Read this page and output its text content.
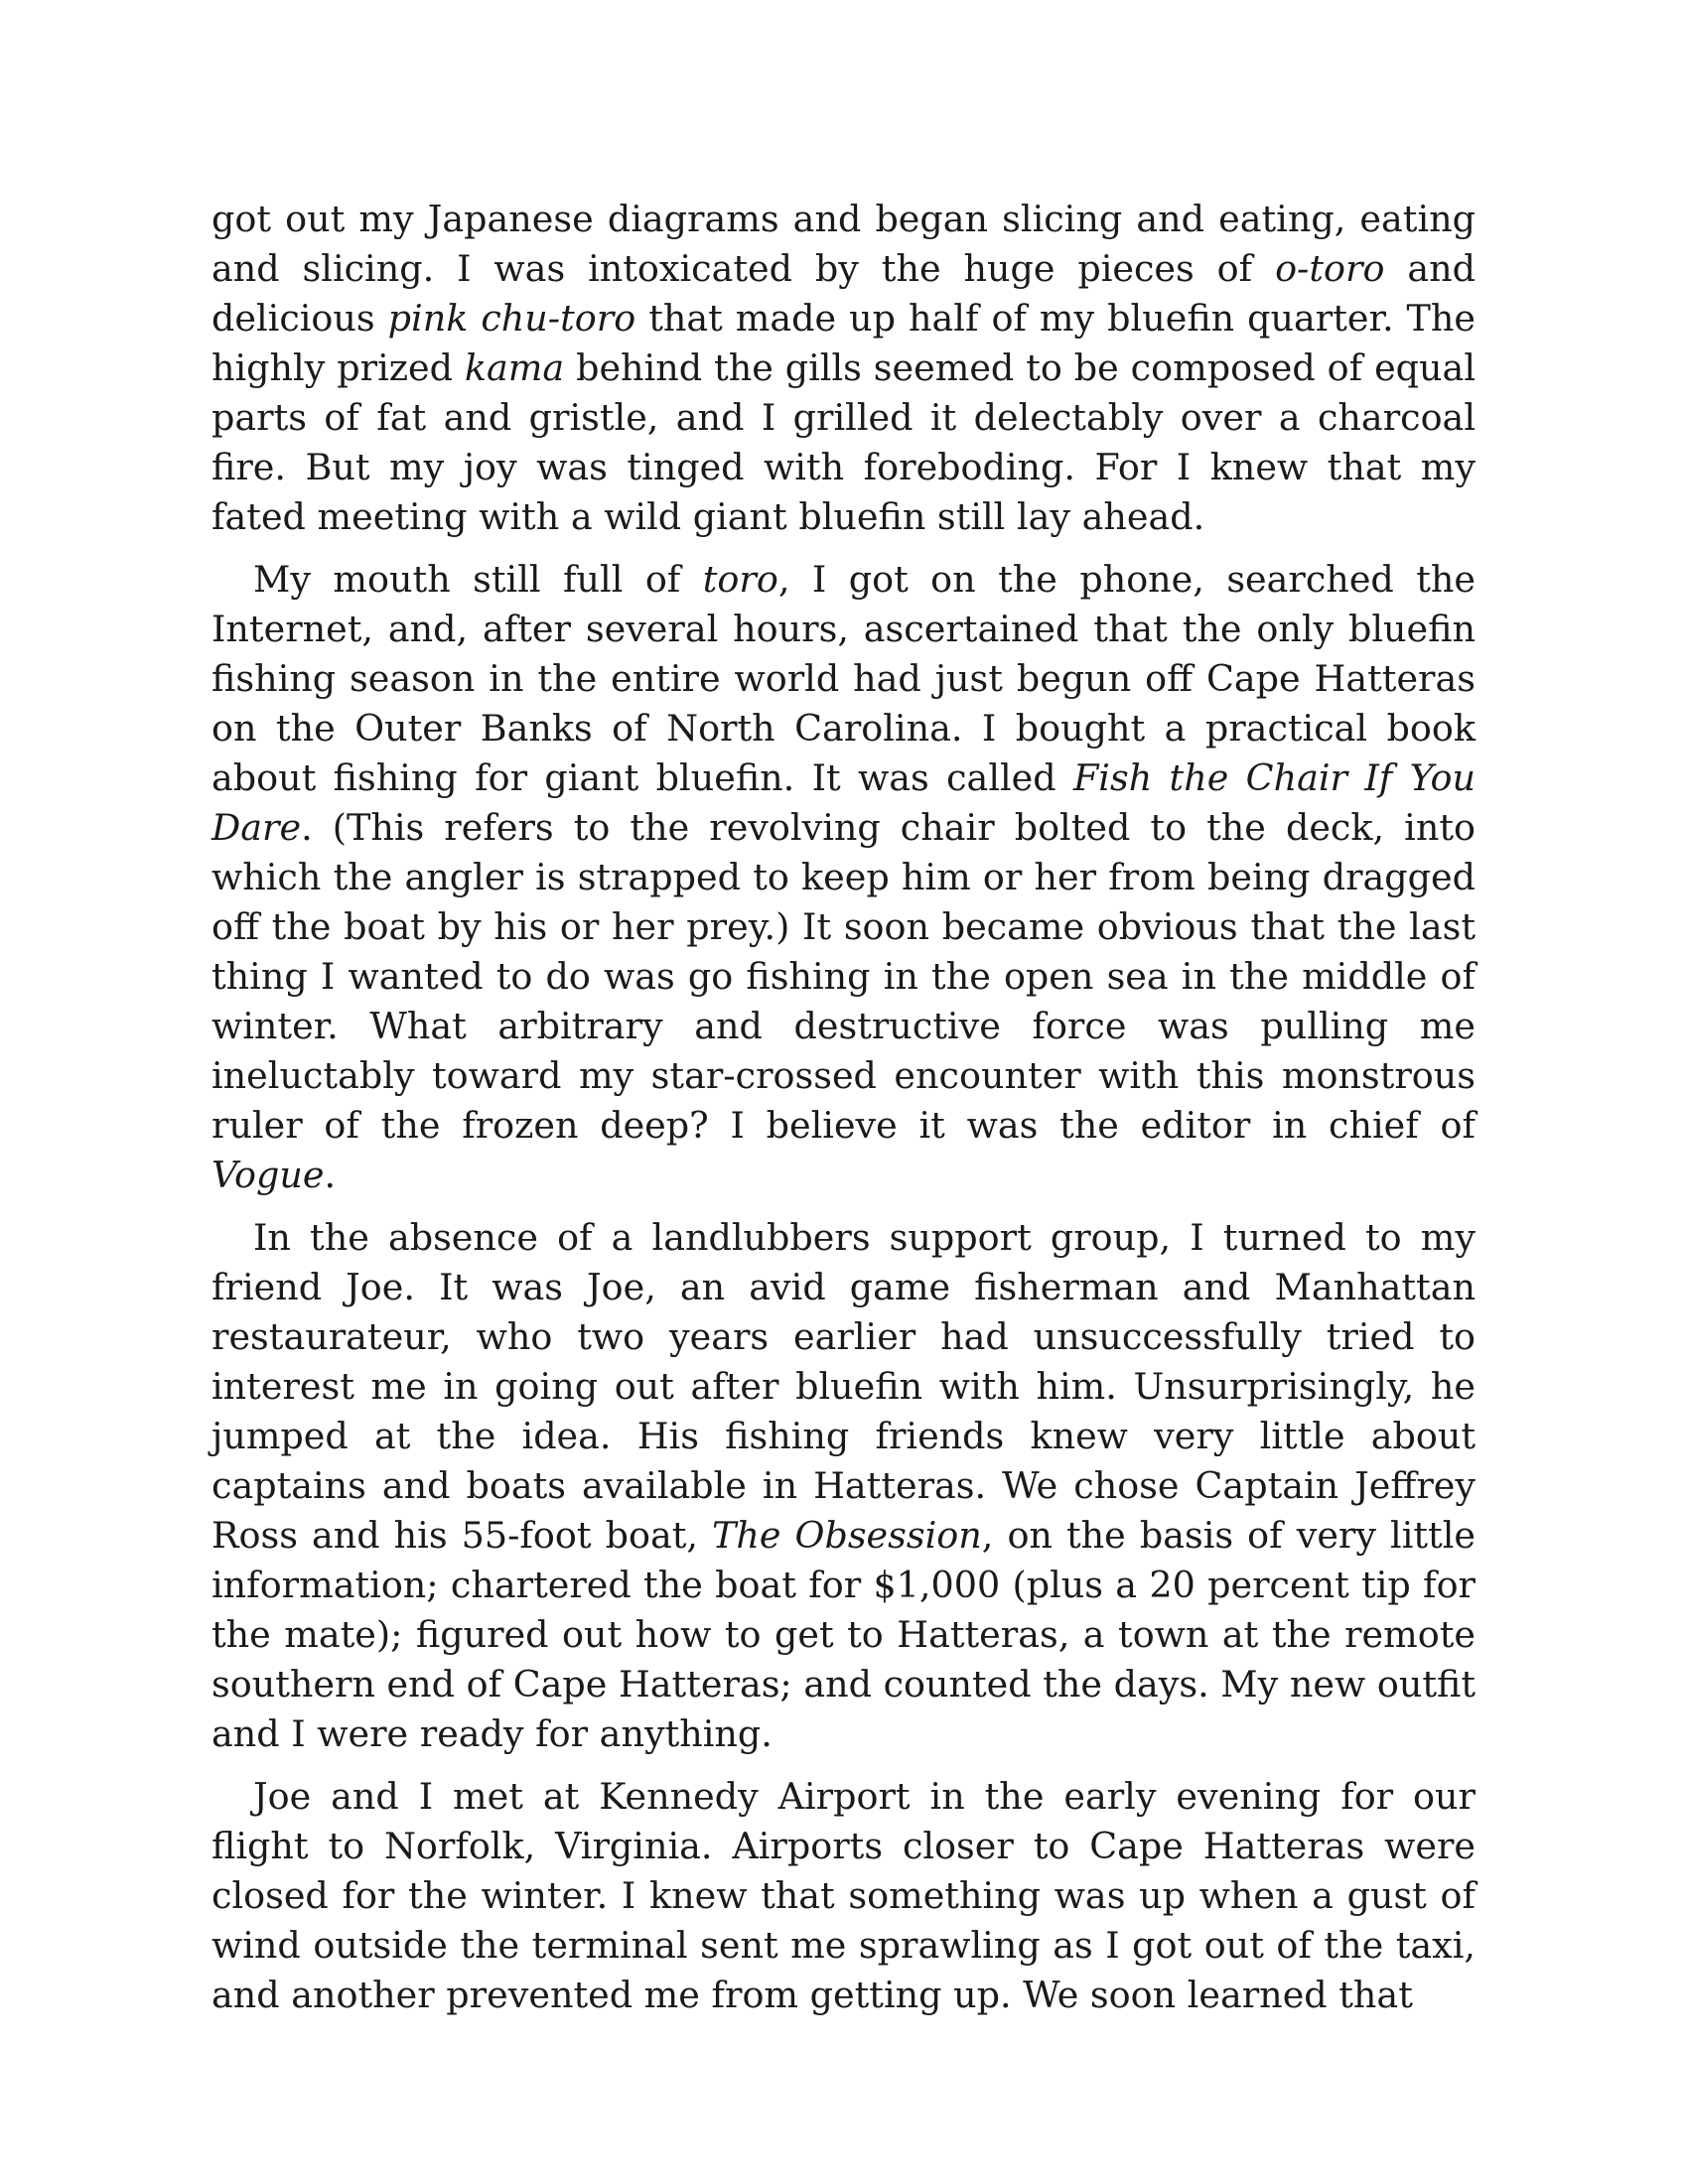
got out my Japanese diagrams and began slicing and eating, eating and slicing. I was intoxicated by the huge pieces of o-toro and delicious pink chu-toro that made up half of my bluefin quarter. The highly prized kama behind the gills seemed to be composed of equal parts of fat and gristle, and I grilled it delectably over a charcoal fire. But my joy was tinged with foreboding. For I knew that my fated meeting with a wild giant bluefin still lay ahead.

My mouth still full of toro, I got on the phone, searched the Internet, and, after several hours, ascertained that the only bluefin fishing season in the entire world had just begun off Cape Hatteras on the Outer Banks of North Carolina. I bought a practical book about fishing for giant bluefin. It was called Fish the Chair If You Dare. (This refers to the revolving chair bolted to the deck, into which the angler is strapped to keep him or her from being dragged off the boat by his or her prey.) It soon became obvious that the last thing I wanted to do was go fishing in the open sea in the middle of winter. What arbitrary and destructive force was pulling me ineluctably toward my star-crossed encounter with this monstrous ruler of the frozen deep? I believe it was the editor in chief of Vogue.

In the absence of a landlubbers support group, I turned to my friend Joe. It was Joe, an avid game fisherman and Manhattan restaurateur, who two years earlier had unsuccessfully tried to interest me in going out after bluefin with him. Unsurprisingly, he jumped at the idea. His fishing friends knew very little about captains and boats available in Hatteras. We chose Captain Jeffrey Ross and his 55-foot boat, The Obsession, on the basis of very little information; chartered the boat for $1,000 (plus a 20 percent tip for the mate); figured out how to get to Hatteras, a town at the remote southern end of Cape Hatteras; and counted the days. My new outfit and I were ready for anything.

Joe and I met at Kennedy Airport in the early evening for our flight to Norfolk, Virginia. Airports closer to Cape Hatteras were closed for the winter. I knew that something was up when a gust of wind outside the terminal sent me sprawling as I got out of the taxi, and another prevented me from getting up. We soon learned that
